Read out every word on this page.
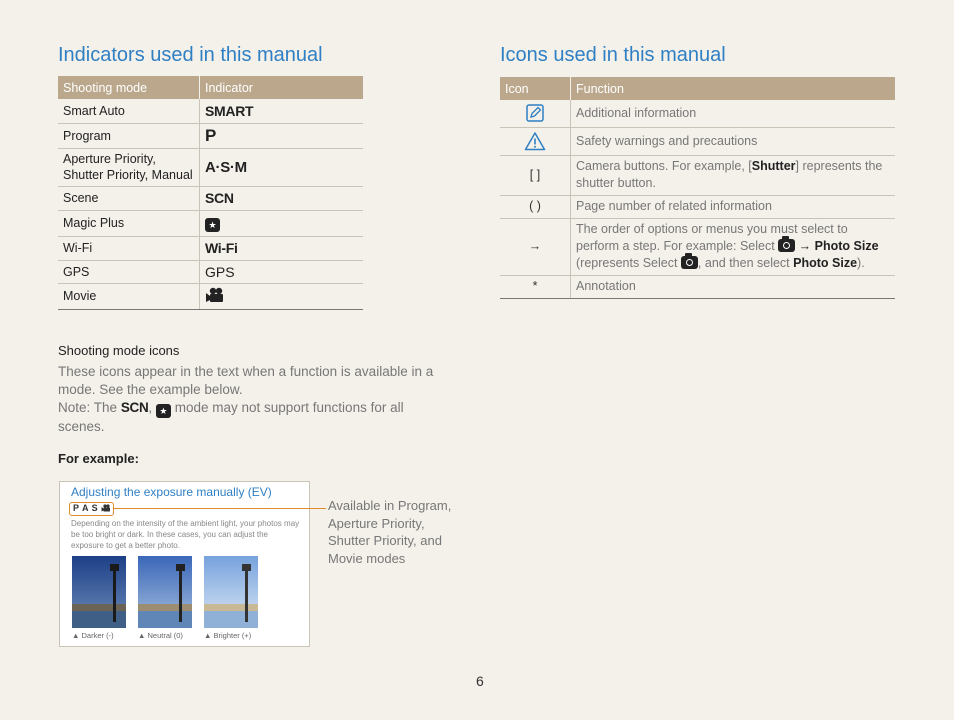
Indicators used in this manual
Shooting mode	Indicator
Smart Auto	SMART
Program	P
Aperture Priority, Shutter Priority, Manual	A·S·M
Scene	SCN
Magic Plus	★
Wi-Fi	Wi-Fi
GPS	GPS
Movie	
Shooting mode icons
These icons appear in the text when a function is available in a mode. See the example below.
Note: The SCN, ★ mode may not support functions for all scenes.
For example:
Adjusting the exposure manually (EV)
P A S
Depending on the intensity of the ambient light, your photos may be too bright or dark. In these cases, you can adjust the exposure to get a better photo.
▲ Darker (-)	▲ Neutral (0)	▲ Brighter (+)
Available in Program, Aperture Priority, Shutter Priority, and Movie modes
Icons used in this manual
Icon	Function
	Additional information
	Safety warnings and precautions
[ ]	Camera buttons. For example, [Shutter] represents the shutter button.
( )	Page number of related information
→	The order of options or menus you must select to perform a step. For example: Select → Photo Size (represents Select , and then select Photo Size).
*	Annotation
6
